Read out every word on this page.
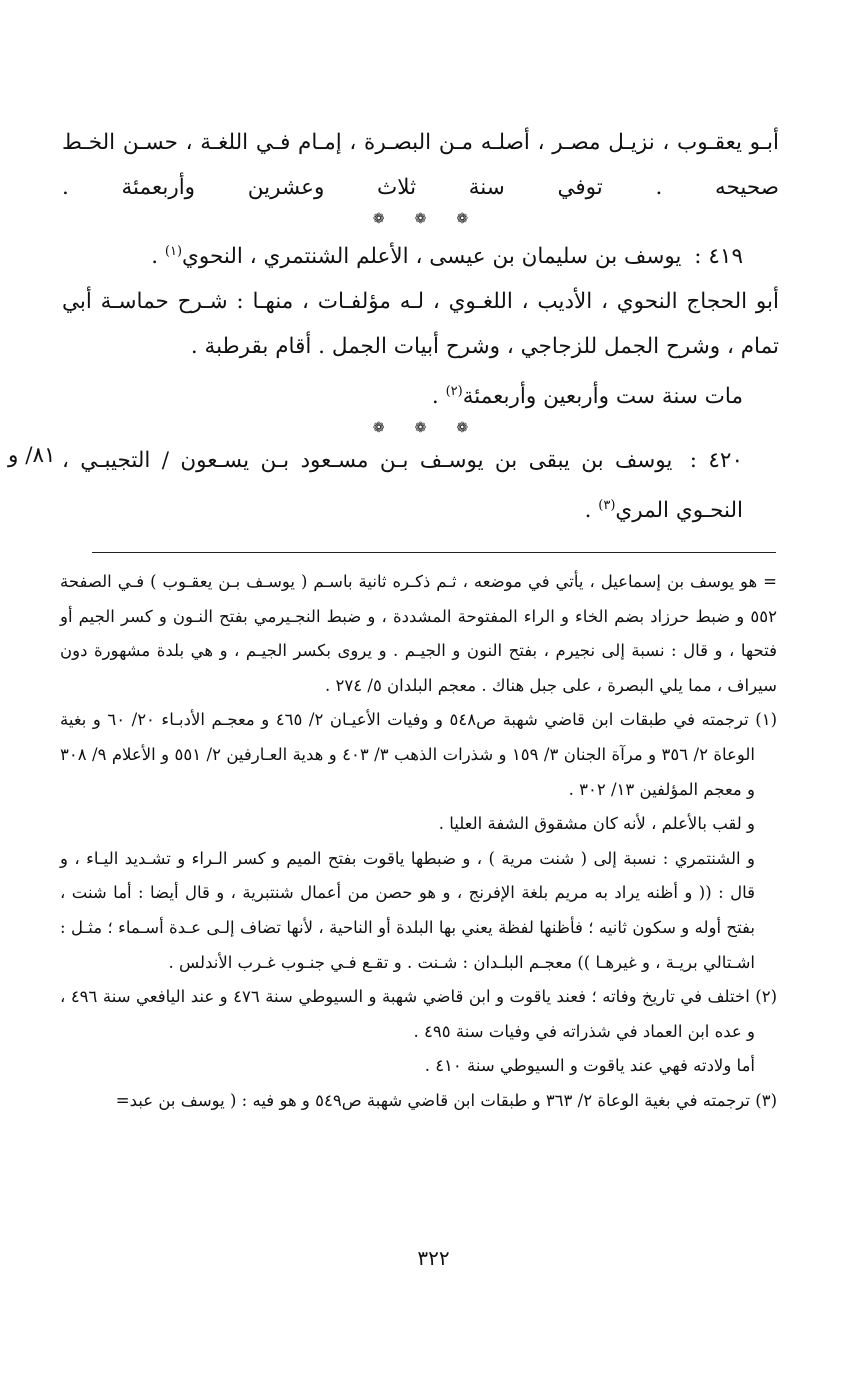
أبـو يعقـوب ، نزيـل مصـر ، أصلـه مـن البصـرة ، إمـام فـي اللغـة ، حسـن الخـط صحيحه . توفي سنة ثلاث وعشرين وأربعمئة .

❁
❁
❁

٤١٩ : يوسف بن سليمان بن عيسى ، الأعلم الشنتمري ، النحوي$^{(١)}$ .

أبو الحجاج النحوي ، الأديب ، اللغـوي ، لـه مؤلفـات ، منهـا : شـرح حماسـة أبي تمام ، وشرح الجمل للزجاجي ، وشرح أبيات الجمل . أقام بقرطبة .

مات سنة ست وأربعين وأربعمئة$^{(٢)}$ .

❁
❁
❁

٤٢٠ : يوسف بن يبقى بن يوسـف بـن مسـعود بـن يسـعون / التجيبـي ، النحـوي المري$^{(٣)}$ .

٨١/ و

= هو يوسف بن إسماعيل ، يأتي في موضعه ، ثـم ذكـره ثانية باسـم ( يوسـف بـن يعقـوب ) فـي الصفحة ٥٥٢ و ضبط حرزاد بضم الخاء و الراء المفتوحة المشددة ، و ضبط النجـيرمي بفتح النـون و كسر الجيم أو فتحها ، و قال : نسبة إلى نجيرم ، بفتح النون و الجيـم . و يروى بكسر الجيـم ، و هي بلدة مشهورة دون سيراف ، مما يلي البصرة ، على جبل هناك . معجم البلدان ٥/ ٢٧٤ .

(١) ترجمته في طبقات ابن قاضي شهبة ص٥٤٨ و وفيات الأعيـان ٢/ ٤٦٥ و معجـم الأدبـاء ٢٠/ ٦٠ و بغية الوعاة ٢/ ٣٥٦ و مرآة الجنان ٣/ ١٥٩ و شذرات الذهب ٣/ ٤٠٣ و هدية العـارفين ٢/ ٥٥١ و الأعلام ٩/ ٣٠٨ و معجم المؤلفين ١٣/ ٣٠٢ .

و لقب بالأعلم ، لأنه كان مشقوق الشفة العليا .

و الشنتمري : نسبة إلى ( شنت مرية ) ، و ضبطها ياقوت بفتح الميم و كسر الـراء و تشـديد اليـاء ، و قال : (( و أظنه يراد به مريم بلغة الإفرنج ، و هو حصن من أعمال شنتبرية ، و قال أيضا : أما شنت ، بفتح أوله و سكون ثانيه ؛ فأظنها لفظة يعني بها البلدة أو الناحية ، لأنها تضاف إلـى عـدة أسـماء ؛ مثـل : اشـتالي بريـة ، و غيرهـا )) معجـم البلـدان : شـنت . و تقـع فـي جنـوب غـرب الأندلس .

(٢) اختلف في تاريخ وفاته ؛ فعند ياقوت و ابن قاضي شهبة و السيوطي سنة ٤٧٦ و عند اليافعي سنة ٤٩٦ ، و عده ابن العماد في شذراته في وفيات سنة ٤٩٥ .

أما ولادته فهي عند ياقوت و السيوطي سنة ٤١٠ .

(٣) ترجمته في بغية الوعاة ٢/ ٣٦٣ و طبقات ابن قاضي شهبة ص٥٤٩ و هو فيه : ( يوسف بن عبد=

٣٢٢
